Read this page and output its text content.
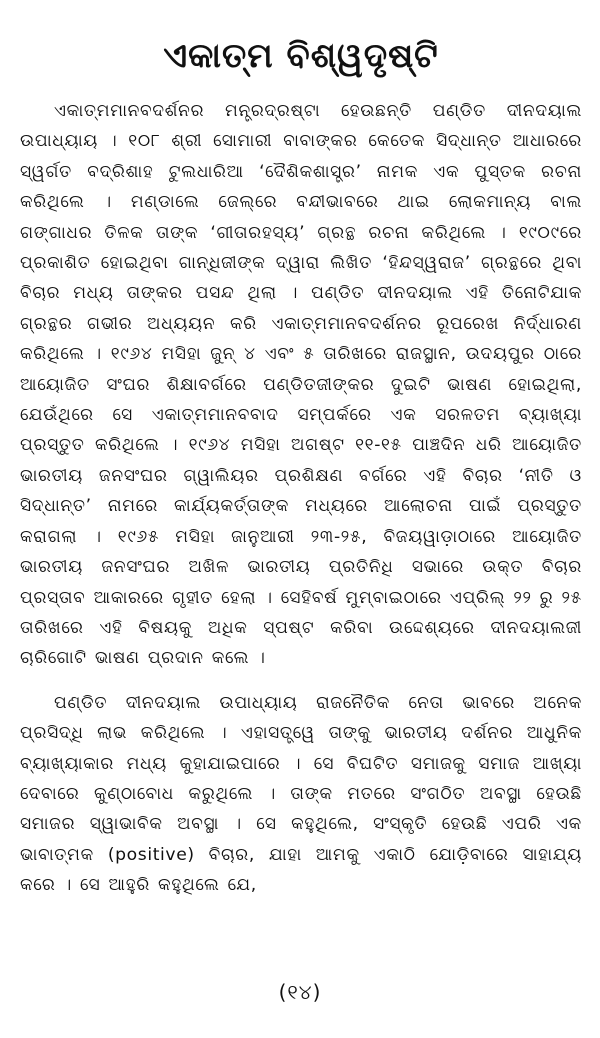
ଏକାତ୍ମ ବିଶ୍ୱଦୃଷ୍ଟି

ଏକାତ୍ମମାନବଦର୍ଶନର ମନ୍ତ୍ରଦ୍ରଷ୍ଟା ହେଉଛନ୍ତି ପଣ୍ଡିତ ଦୀନଦୟାଲ ଉପାଧ୍ୟାୟ । ୧୦୮ ଶ୍ରୀ ସୋମାରୀ ବାବାଙ୍କର କେତେକ ସିଦ୍ଧାନ୍ତ ଆଧାରରେ ସ୍ୱର୍ଗତ ବଦ୍ରିଶାହ ଟୁଲଧାରିଆ ‘ଦୈଶିକଶାସ୍ତ୍ର’ ନାମକ ଏକ ପୁସ୍ତକ ରଚନା କରିଥିଲେ । ମଣ୍ଡାଲେ ଜେଲ୍‌ରେ ବନ୍ଦୀଭାବରେ ଥାଇ ଲୋକମାନ୍ୟ ବାଲ ଗଙ୍ଗାଧର ତିଳକ ତାଙ୍କ ‘ଗୀତାରହସ୍ୟ’ ଗ୍ରନ୍ଥ ରଚନା କରିଥିଲେ । ୧୯୦୯ରେ ପ୍ରକାଶିତ ହୋଇଥିବା ଗାନ୍ଧିଜୀଙ୍କ ଦ୍ୱାରା ଲିଖିତ ‘ହିନ୍ଦସ୍ୱରାଜ’ ଗ୍ରନ୍ଥରେ ଥିବା ବିଚାର ମଧ୍ୟ ତାଙ୍କର ପସନ୍ଦ ଥିଲା । ପଣ୍ଡିତ ଦୀନଦୟାଲ ଏହି ତିନୋଟିଯାକ ଗ୍ରନ୍ଥର ଗଭୀର ଅଧ୍ୟୟନ କରି ଏକାତ୍ମମାନବଦର୍ଶନର ରୂପରେଖ ନିର୍ଦ୍ଧାରଣ କରିଥିଲେ । ୧୯୬୪ ମସିହା ଜୁନ୍ ୪ ଏବଂ ୫ ତାରିଖରେ ରାଜସ୍ଥାନ, ଉଦୟପୁର ଠାରେ ଆୟୋଜିତ ସଂଘର ଶିକ୍ଷାବର୍ଗରେ ପଣ୍ଡିତଜୀଙ୍କର ଦୁଇଟି ଭାଷଣ ହୋଇଥିଲା, ଯେଉଁଥିରେ ସେ ଏକାତ୍ମମାନବବାଦ ସମ୍ପର୍କରେ ଏକ ସରଳତମ ବ୍ୟାଖ୍ୟା ପ୍ରସ୍ତୁତ କରିଥିଲେ । ୧୯୬୪ ମସିହା ଅଗଷ୍ଟ ୧୧-୧୫ ପାଞ୍ଚଦିନ ଧରି ଆୟୋଜିତ ଭାରତୀୟ ଜନସଂଘର ଗ୍ୱାଲିୟର ପ୍ରଶିକ୍ଷଣ ବର୍ଗରେ ଏହି ବିଚାର ‘ନୀତି ଓ ସିଦ୍ଧାନ୍ତ’ ନାମରେ କାର୍ଯ୍ୟକର୍ତ୍ତାଙ୍କ ମଧ୍ୟରେ ଆଲୋଚନା ପାଇଁ ପ୍ରସ୍ତୁତ କରାଗଲା । ୧୯୬୫ ମସିହା ଜାନୁଆରୀ ୨୩-୨୫, ବିଜୟୱାଡ଼ାଠାରେ ଆୟୋଜିତ ଭାରତୀୟ ଜନସଂଘର ଅଖିଳ ଭାରତୀୟ ପ୍ରତିନିଧି ସଭାରେ ଉକ୍ତ ବିଚାର ପ୍ରସ୍ତାବ ଆକାରରେ ଗୃହୀତ ହେଲା । ସେହିବର୍ଷ ମୁମ୍ବାଇଠାରେ ଏପ୍ରିଲ୍ ୨୨ ରୁ ୨୫ ତାରିଖରେ ଏହି ବିଷୟକୁ ଅଧିକ ସ୍ପଷ୍ଟ କରିବା ଉଦ୍ଦେଶ୍ୟରେ ଦୀନଦୟାଲଜୀ ଚାରିଗୋଟି ଭାଷଣ ପ୍ରଦାନ କଲେ ।

ପଣ୍ଡିତ ଦୀନଦୟାଲ ଉପାଧ୍ୟାୟ ରାଜନୈତିକ ନେତା ଭାବରେ ଅନେକ ପ୍ରସିଦ୍ଧି ଲାଭ କରିଥିଲେ । ଏହାସତ୍ତ୍ୱେ ତାଙ୍କୁ ଭାରତୀୟ ଦର୍ଶନର ଆଧୁନିକ ବ୍ୟାଖ୍ୟାକାର ମଧ୍ୟ କୁହାଯାଇପାରେ । ସେ ବିଘଟିତ ସମାଜକୁ ସମାଜ ଆଖ୍ୟା ଦେବାରେ କୁଣ୍ଠାବୋଧ କରୁଥିଲେ । ତାଙ୍କ ମତରେ ସଂଗଠିତ ଅବସ୍ଥା ହେଉଛି ସମାଜର ସ୍ୱାଭାବିକ ଅବସ୍ଥା । ସେ କହୁଥିଲେ, ସଂସ୍କୃତି ହେଉଛି ଏପରି ଏକ ଭାବାତ୍ମକ (positive) ବିଚାର, ଯାହା ଆମକୁ ଏକାଠି ଯୋଡ଼ିବାରେ ସାହାଯ୍ୟ କରେ । ସେ ଆହୁରି କହୁଥିଲେ ଯେ,

(୧୪)
